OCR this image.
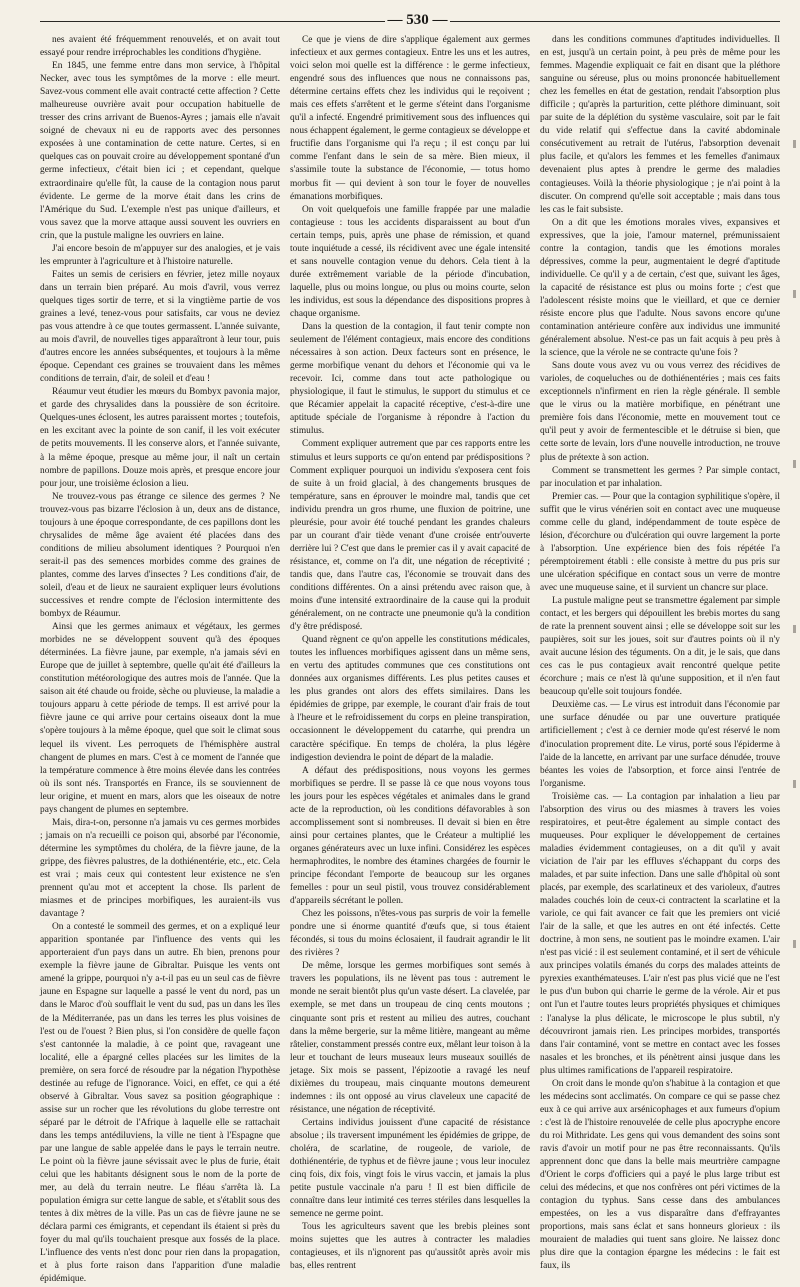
— 530 —

nes avaient été fréquemment renouvelés, et on avait tout essayé pour rendre irréprochables les conditions d'hygiène.

En 1845, une femme entre dans mon service, à l'hôpital Necker, avec tous les symptômes de la morve : elle meurt. Savez-vous comment elle avait contracté cette affection ? Cette malheureuse ouvrière avait pour occupation habituelle de tresser des crins arrivant de Buenos-Ayres ; jamais elle n'avait soigné de chevaux ni eu de rapports avec des personnes exposées à une contamination de cette nature. Certes, si en quelques cas on pouvait croire au développement spontané d'un germe infectieux, c'était bien ici ; et cependant, quelque extraordinaire qu'elle fût, la cause de la contagion nous parut évidente. Le germe de la morve était dans les crins de l'Amérique du Sud. L'exemple n'est pas unique d'ailleurs, et vous savez que la morve attaque aussi souvent les ouvriers en crin, que la pustule maligne les ouvriers en laine.

J'ai encore besoin de m'appuyer sur des analogies, et je vais les emprunter à l'agriculture et à l'histoire naturelle.

Faites un semis de cerisiers en février, jetez mille noyaux dans un terrain bien préparé. Au mois d'avril, vous verrez quelques tiges sortir de terre, et si la vingtième partie de vos graines a levé, tenez-vous pour satisfaits, car vous ne deviez pas vous attendre à ce que toutes germassent. L'année suivante, au mois d'avril, de nouvelles tiges apparaîtront à leur tour, puis d'autres encore les années subséquentes, et toujours à la même époque. Cependant ces graines se trouvaient dans les mêmes conditions de terrain, d'air, de soleil et d'eau !

Réaumur veut étudier les mœurs du Bombyx pavonia major, et garde des chrysalides dans la poussière de son écritoire. Quelques-unes éclosent, les autres paraissent mortes ; toutefois, en les excitant avec la pointe de son canif, il les voit exécuter de petits mouvements. Il les conserve alors, et l'année suivante, à la même époque, presque au même jour, il naît un certain nombre de papillons. Douze mois après, et presque encore jour pour jour, une troisième éclosion a lieu.

Ne trouvez-vous pas étrange ce silence des germes ? Ne trouvez-vous pas bizarre l'éclosion à un, deux ans de distance, toujours à une époque correspondante, de ces papillons dont les chrysalides de même âge avaient été placées dans des conditions de milieu absolument identiques ? Pourquoi n'en serait-il pas des semences morbides comme des graines de plantes, comme des larves d'insectes ? Les conditions d'air, de soleil, d'eau et de lieux ne sauraient expliquer leurs évolutions successives et rendre compte de l'éclosion intermittente des bombyx de Réaumur.

Ainsi que les germes animaux et végétaux, les germes morbides ne se développent souvent qu'à des époques déterminées. La fièvre jaune, par exemple, n'a jamais sévi en Europe que de juillet à septembre, quelle qu'ait été d'ailleurs la constitution météorologique des autres mois de l'année. Que la saison ait été chaude ou froide, sèche ou pluvieuse, la maladie a toujours apparu à cette période de temps. Il est arrivé pour la fièvre jaune ce qui arrive pour certains oiseaux dont la mue s'opère toujours à la même époque, quel que soit le climat sous lequel ils vivent. Les perroquets de l'hémisphère austral changent de plumes en mars. C'est à ce moment de l'année que la température commence à être moins élevée dans les contrées où ils sont nés. Transportés en France, ils se souviennent de leur origine, et muent en mars, alors que les oiseaux de notre pays changent de plumes en septembre.

Mais, dira-t-on, personne n'a jamais vu ces germes morbides ; jamais on n'a recueilli ce poison qui, absorbé par l'économie, détermine les symptômes du choléra, de la fièvre jaune, de la grippe, des fièvres palustres, de la dothiénentérie, etc., etc. Cela est vrai ; mais ceux qui contestent leur existence ne s'en prennent qu'au mot et acceptent la chose. Ils parlent de miasmes et de principes morbifiques, les auraient-ils vus davantage ?

On a contesté le sommeil des germes, et on a expliqué leur apparition spontanée par l'influence des vents qui les apporteraient d'un pays dans un autre. Eh bien, prenons pour exemple la fièvre jaune de Gibraltar. Puisque les vents ont amené la grippe, pourquoi n'y a-t-il pas eu un seul cas de fièvre jaune en Espagne sur laquelle a passé le vent du nord, pas un dans le Maroc d'où soufflait le vent du sud, pas un dans les îles de la Méditerranée, pas un dans les terres les plus voisines de l'est ou de l'ouest ? Bien plus, si l'on considère de quelle façon s'est cantonnée la maladie, à ce point que, ravageant une localité, elle a épargné celles placées sur les limites de la première, on sera forcé de résoudre par la négation l'hypothèse destinée au refuge de l'ignorance. Voici, en effet, ce qui a été observé à Gibraltar. Vous savez sa position géographique : assise sur un rocher que les révolutions du globe terrestre ont séparé par le détroit de l'Afrique à laquelle elle se rattachait dans les temps antédiluviens, la ville ne tient à l'Espagne que par une langue de sable appelée dans le pays le terrain neutre. Le point où la fièvre jaune sévissait avec le plus de furie, était celui que les habitants désignent sous le nom de la porte de mer, au delà du terrain neutre. Le fléau s'arrêta là. La population émigra sur cette langue de sable, et s'établit sous des tentes à dix mètres de la ville. Pas un cas de fièvre jaune ne se déclara parmi ces émigrants, et cependant ils étaient si près du foyer du mal qu'ils touchaient presque aux fossés de la place. L'influence des vents n'est donc pour rien dans la propagation, et à plus forte raison dans l'apparition d'une maladie épidémique.

Ce que je viens de dire s'applique également aux germes infectieux et aux germes contagieux. Entre les uns et les autres, voici selon moi quelle est la différence : le germe infectieux, engendré sous des influences que nous ne connaissons pas, détermine certains effets chez les individus qui le reçoivent ; mais ces effets s'arrêtent et le germe s'éteint dans l'organisme qu'il a infecté. Engendré primitivement sous des influences qui nous échappent également, le germe contagieux se développe et fructifie dans l'organisme qui l'a reçu ; il est conçu par lui comme l'enfant dans le sein de sa mère. Bien mieux, il s'assimile toute la substance de l'économie, — totus homo morbus fit — qui devient à son tour le foyer de nouvelles émanations morbifiques.

On voit quelquefois une famille frappée par une maladie contagieuse : tous les accidents disparaissent au bout d'un certain temps, puis, après une phase de rémission, et quand toute inquiétude a cessé, ils récidivent avec une égale intensité et sans nouvelle contagion venue du dehors. Cela tient à la durée extrêmement variable de la période d'incubation, laquelle, plus ou moins longue, ou plus ou moins courte, selon les individus, est sous la dépendance des dispositions propres à chaque organisme.

Dans la question de la contagion, il faut tenir compte non seulement de l'élément contagieux, mais encore des conditions nécessaires à son action. Deux facteurs sont en présence, le germe morbifique venant du dehors et l'économie qui va le recevoir. Ici, comme dans tout acte pathologique ou physiologique, il faut le stimulus, le support du stimulus et ce que Récamier appelait la capacité réceptive, c'est-à-dire une aptitude spéciale de l'organisme à répondre à l'action du stimulus.

Comment expliquer autrement que par ces rapports entre les stimulus et leurs supports ce qu'on entend par prédispositions ? Comment expliquer pourquoi un individu s'exposera cent fois de suite à un froid glacial, à des changements brusques de température, sans en éprouver le moindre mal, tandis que cet individu prendra un gros rhume, une fluxion de poitrine, une pleurésie, pour avoir été touché pendant les grandes chaleurs par un courant d'air tiède venant d'une croisée entr'ouverte derrière lui ? C'est que dans le premier cas il y avait capacité de résistance, et, comme on l'a dit, une négation de réceptivité ; tandis que, dans l'autre cas, l'économie se trouvait dans des conditions différentes. On a ainsi prétendu avec raison que, à moins d'une intensité extraordinaire de la cause qui la produit généralement, on ne contracte une pneumonie qu'à la condition d'y être prédisposé.

Quand règnent ce qu'on appelle les constitutions médicales, toutes les influences morbifiques agissent dans un même sens, en vertu des aptitudes communes que ces constitutions ont données aux organismes différents. Les plus petites causes et les plus grandes ont alors des effets similaires. Dans les épidémies de grippe, par exemple, le courant d'air frais de tout à l'heure et le refroidissement du corps en pleine transpiration, occasionnent le développement du catarrhe, qui prendra un caractère spécifique. En temps de choléra, la plus légère indigestion deviendra le point de départ de la maladie.

A défaut des prédispositions, nous voyons les germes morbifiques se perdre. Il se passe là ce que nous voyons tous les jours pour les espèces végétales et animales dans le grand acte de la reproduction, où les conditions défavorables à son accomplissement sont si nombreuses. Il devait si bien en être ainsi pour certaines plantes, que le Créateur a multiplié les organes générateurs avec un luxe infini. Considérez les espèces hermaphrodites, le nombre des étamines chargées de fournir le principe fécondant l'emporte de beaucoup sur les organes femelles : pour un seul pistil, vous trouvez considérablement d'appareils sécrétant le pollen.

Chez les poissons, n'êtes-vous pas surpris de voir la femelle pondre une si énorme quantité d'œufs que, si tous étaient fécondés, si tous du moins éclosaient, il faudrait agrandir le lit des rivières ?

De même, lorsque les germes morbifiques sont semés à travers les populations, ils ne lèvent pas tous : autrement le monde ne serait bientôt plus qu'un vaste désert. La clavelée, par exemple, se met dans un troupeau de cinq cents moutons ; cinquante sont pris et restent au milieu des autres, couchant dans la même bergerie, sur la même litière, mangeant au même râtelier, constamment pressés contre eux, mêlant leur toison à la leur et touchant de leurs museaux leurs museaux souillés de jetage. Six mois se passent, l'épizootie a ravagé les neuf dixièmes du troupeau, mais cinquante moutons demeurent indemnes : ils ont opposé au virus claveleux une capacité de résistance, une négation de réceptivité.

Certains individus jouissent d'une capacité de résistance absolue ; ils traversent impunément les épidémies de grippe, de choléra, de scarlatine, de rougeole, de variole, de dothiénentérie, de typhus et de fièvre jaune ; vous leur inoculez cinq fois, dix fois, vingt fois le virus vaccin, et jamais la plus petite pustule vaccinale n'a paru ! Il est bien difficile de connaître dans leur intimité ces terres stériles dans lesquelles la semence ne germe point.

Tous les agriculteurs savent que les brebis pleines sont moins sujettes que les autres à contracter les maladies contagieuses, et ils n'ignorent pas qu'aussitôt après avoir mis bas, elles rentrent

dans les conditions communes d'aptitudes individuelles. Il en est, jusqu'à un certain point, à peu près de même pour les femmes. Magendie expliquait ce fait en disant que la pléthore sanguine ou séreuse, plus ou moins prononcée habituellement chez les femelles en état de gestation, rendait l'absorption plus difficile ; qu'après la parturition, cette pléthore diminuant, soit par suite de la déplétion du système vasculaire, soit par le fait du vide relatif qui s'effectue dans la cavité abdominale consécutivement au retrait de l'utérus, l'absorption devenait plus facile, et qu'alors les femmes et les femelles d'animaux devenaient plus aptes à prendre le germe des maladies contagieuses. Voilà la théorie physiologique ; je n'ai point à la discuter. On comprend qu'elle soit acceptable ; mais dans tous les cas le fait subsiste.

On a dit que les émotions morales vives, expansives et expressives, que la joie, l'amour maternel, prémunissaient contre la contagion, tandis que les émotions morales dépressives, comme la peur, augmentaient le degré d'aptitude individuelle. Ce qu'il y a de certain, c'est que, suivant les âges, la capacité de résistance est plus ou moins forte ; c'est que l'adolescent résiste moins que le vieillard, et que ce dernier résiste encore plus que l'adulte. Nous savons encore qu'une contamination antérieure confère aux individus une immunité généralement absolue. N'est-ce pas un fait acquis à peu près à la science, que la vérole ne se contracte qu'une fois ?

Sans doute vous avez vu ou vous verrez des récidives de varioles, de coqueluches ou de dothiénentéries ; mais ces faits exceptionnels n'infirment en rien la règle générale. Il semble que le virus ou la matière morbifique, en pénétrant une première fois dans l'économie, mette en mouvement tout ce qu'il peut y avoir de fermentescible et le détruise si bien, que cette sorte de levain, lors d'une nouvelle introduction, ne trouve plus de prétexte à son action.

Comment se transmettent les germes ? Par simple contact, par inoculation et par inhalation.

Premier cas. — Pour que la contagion syphilitique s'opère, il suffit que le virus vénérien soit en contact avec une muqueuse comme celle du gland, indépendamment de toute espèce de lésion, d'écorchure ou d'ulcération qui ouvre largement la porte à l'absorption. Une expérience bien des fois répétée l'a péremptoirement établi : elle consiste à mettre du pus pris sur une ulcération spécifique en contact sous un verre de montre avec une muqueuse saine, et il survient un chancre sur place.

La pustule maligne peut se transmettre également par simple contact, et les bergers qui dépouillent les brebis mortes du sang de rate la prennent souvent ainsi ; elle se développe soit sur les paupières, soit sur les joues, soit sur d'autres points où il n'y avait aucune lésion des téguments. On a dit, je le sais, que dans ces cas le pus contagieux avait rencontré quelque petite écorchure ; mais ce n'est là qu'une supposition, et il n'en faut beaucoup qu'elle soit toujours fondée.

Deuxième cas. — Le virus est introduit dans l'économie par une surface dénudée ou par une ouverture pratiquée artificiellement ; c'est à ce dernier mode qu'est réservé le nom d'inoculation proprement dite. Le virus, porté sous l'épiderme à l'aide de la lancette, en arrivant par une surface dénudée, trouve béantes les voies de l'absorption, et force ainsi l'entrée de l'organisme.

Troisième cas. — La contagion par inhalation a lieu par l'absorption des virus ou des miasmes à travers les voies respiratoires, et peut-être également au simple contact des muqueuses. Pour expliquer le développement de certaines maladies évidemment contagieuses, on a dit qu'il y avait viciation de l'air par les effluves s'échappant du corps des malades, et par suite infection. Dans une salle d'hôpital où sont placés, par exemple, des scarlatineux et des varioleux, d'autres malades couchés loin de ceux-ci contractent la scarlatine et la variole, ce qui fait avancer ce fait que les premiers ont vicié l'air de la salle, et que les autres en ont été infectés. Cette doctrine, à mon sens, ne soutient pas le moindre examen. L'air n'est pas vicié : il est seulement contaminé, et il sert de véhicule aux principes volatils émanés du corps des malades atteints de pyrexies exanthémateuses. L'air n'est pas plus vicié que ne l'est le pus d'un bubon qui charrie le germe de la vérole. Air et pus ont l'un et l'autre toutes leurs propriétés physiques et chimiques : l'analyse la plus délicate, le microscope le plus subtil, n'y découvriront jamais rien. Les principes morbides, transportés dans l'air contaminé, vont se mettre en contact avec les fosses nasales et les bronches, et ils pénètrent ainsi jusque dans les plus ultimes ramifications de l'appareil respiratoire.

On croit dans le monde qu'on s'habitue à la contagion et que les médecins sont acclimatés. On compare ce qui se passe chez eux à ce qui arrive aux arsénicophages et aux fumeurs d'opium : c'est là de l'histoire renouvelée de celle plus apocryphe encore du roi Mithridate. Les gens qui vous demandent des soins sont ravis d'avoir un motif pour ne pas être reconnaissants. Qu'ils apprennent donc que dans la belle mais meurtrière campagne d'Orient le corps d'officiers qui a payé le plus large tribut est celui des médecins, et que nos confrères ont péri victimes de la contagion du typhus. Sans cesse dans des ambulances empestées, on les a vus disparaître dans d'effrayantes proportions, mais sans éclat et sans honneurs glorieux : ils mouraient de maladies qui tuent sans gloire. Ne laissez donc plus dire que la contagion épargne les médecins : le fait est faux, ils
